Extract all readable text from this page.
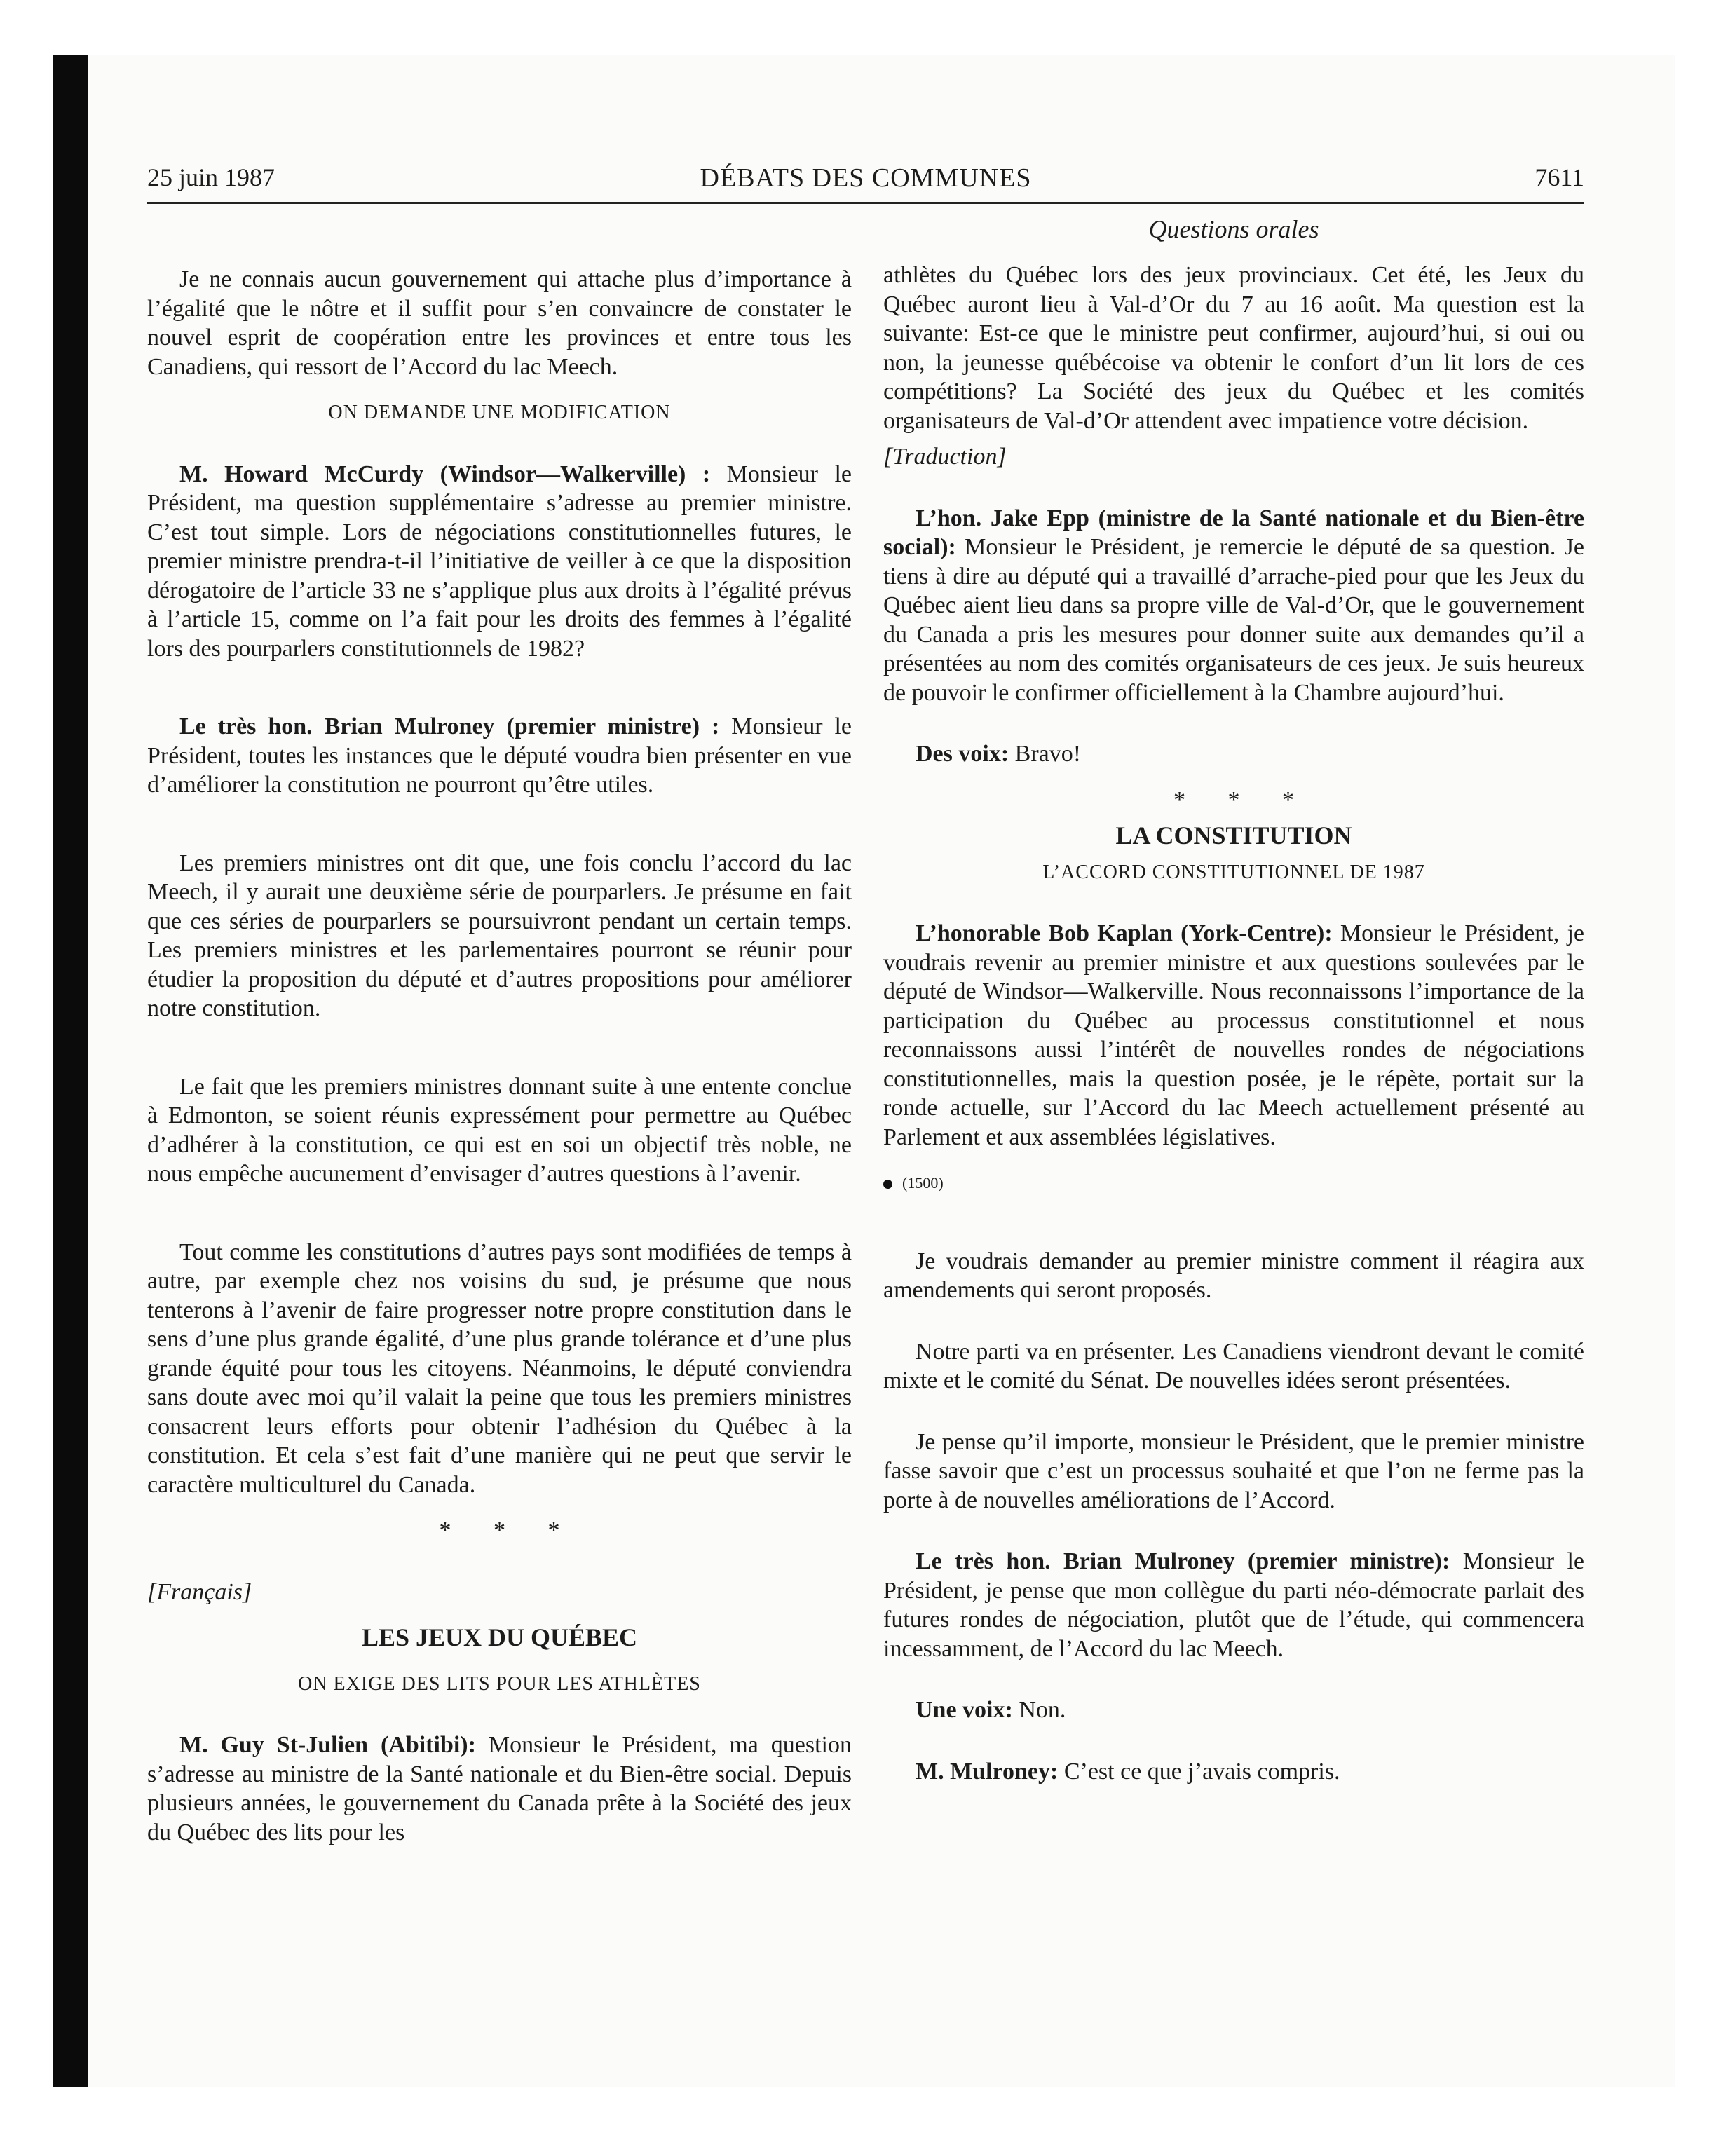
25 juin 1987	DÉBATS DES COMMUNES	7611
Questions orales

Je ne connais aucun gouvernement qui attache plus d’importance à l’égalité que le nôtre et il suffit pour s’en convaincre de constater le nouvel esprit de coopération entre les provinces et entre tous les Canadiens, qui ressort de l’Accord du lac Meech.

ON DEMANDE UNE MODIFICATION

M. Howard McCurdy (Windsor—Walkerville) : Monsieur le Président, ma question supplémentaire s’adresse au premier ministre. C’est tout simple. Lors de négociations constitutionnelles futures, le premier ministre prendra-t-il l’initiative de veiller à ce que la disposition dérogatoire de l’article 33 ne s’applique plus aux droits à l’égalité prévus à l’article 15, comme on l’a fait pour les droits des femmes à l’égalité lors des pourparlers constitutionnels de 1982?

Le très hon. Brian Mulroney (premier ministre) : Monsieur le Président, toutes les instances que le député voudra bien présenter en vue d’améliorer la constitution ne pourront qu’être utiles.

Les premiers ministres ont dit que, une fois conclu l’accord du lac Meech, il y aurait une deuxième série de pourparlers. Je présume en fait que ces séries de pourparlers se poursuivront pendant un certain temps. Les premiers ministres et les parlementaires pourront se réunir pour étudier la proposition du député et d’autres propositions pour améliorer notre constitution.

Le fait que les premiers ministres donnant suite à une entente conclue à Edmonton, se soient réunis expressément pour permettre au Québec d’adhérer à la constitution, ce qui est en soi un objectif très noble, ne nous empêche aucunement d’envisager d’autres questions à l’avenir.

Tout comme les constitutions d’autres pays sont modifiées de temps à autre, par exemple chez nos voisins du sud, je présume que nous tenterons à l’avenir de faire progresser notre propre constitution dans le sens d’une plus grande égalité, d’une plus grande tolérance et d’une plus grande équité pour tous les citoyens. Néanmoins, le député conviendra sans doute avec moi qu’il valait la peine que tous les premiers ministres consacrent leurs efforts pour obtenir l’adhésion du Québec à la constitution. Et cela s’est fait d’une manière qui ne peut que servir le caractère multiculturel du Canada.

* * *

[Français]

LES JEUX DU QUÉBEC
ON EXIGE DES LITS POUR LES ATHLÈTES

M. Guy St-Julien (Abitibi): Monsieur le Président, ma question s’adresse au ministre de la Santé nationale et du Bien-être social. Depuis plusieurs années, le gouvernement du Canada prête à la Société des jeux du Québec des lits pour les

athlètes du Québec lors des jeux provinciaux. Cet été, les Jeux du Québec auront lieu à Val-d’Or du 7 au 16 août. Ma question est la suivante: Est-ce que le ministre peut confirmer, aujourd’hui, si oui ou non, la jeunesse québécoise va obtenir le confort d’un lit lors de ces compétitions? La Société des jeux du Québec et les comités organisateurs de Val-d’Or attendent avec impatience votre décision.

[Traduction]

L’hon. Jake Epp (ministre de la Santé nationale et du Bien-être social): Monsieur le Président, je remercie le député de sa question. Je tiens à dire au député qui a travaillé d’arrache-pied pour que les Jeux du Québec aient lieu dans sa propre ville de Val-d’Or, que le gouvernement du Canada a pris les mesures pour donner suite aux demandes qu’il a présentées au nom des comités organisateurs de ces jeux. Je suis heureux de pouvoir le confirmer officiellement à la Chambre aujourd’hui.

Des voix: Bravo!

* * *
LA CONSTITUTION
L’ACCORD CONSTITUTIONNEL DE 1987

L’honorable Bob Kaplan (York-Centre): Monsieur le Président, je voudrais revenir au premier ministre et aux questions soulevées par le député de Windsor—Walkerville. Nous reconnaissons l’importance de la participation du Québec au processus constitutionnel et nous reconnaissons aussi l’intérêt de nouvelles rondes de négociations constitutionnelles, mais la question posée, je le répète, portait sur la ronde actuelle, sur l’Accord du lac Meech actuellement présenté au Parlement et aux assemblées législatives.

(1500)

Je voudrais demander au premier ministre comment il réagira aux amendements qui seront proposés.

Notre parti va en présenter. Les Canadiens viendront devant le comité mixte et le comité du Sénat. De nouvelles idées seront présentées.

Je pense qu’il importe, monsieur le Président, que le premier ministre fasse savoir que c’est un processus souhaité et que l’on ne ferme pas la porte à de nouvelles améliorations de l’Accord.

Le très hon. Brian Mulroney (premier ministre): Monsieur le Président, je pense que mon collègue du parti néo-démocrate parlait des futures rondes de négociation, plutôt que de l’étude, qui commencera incessamment, de l’Accord du lac Meech.

Une voix: Non.

M. Mulroney: C’est ce que j’avais compris.
